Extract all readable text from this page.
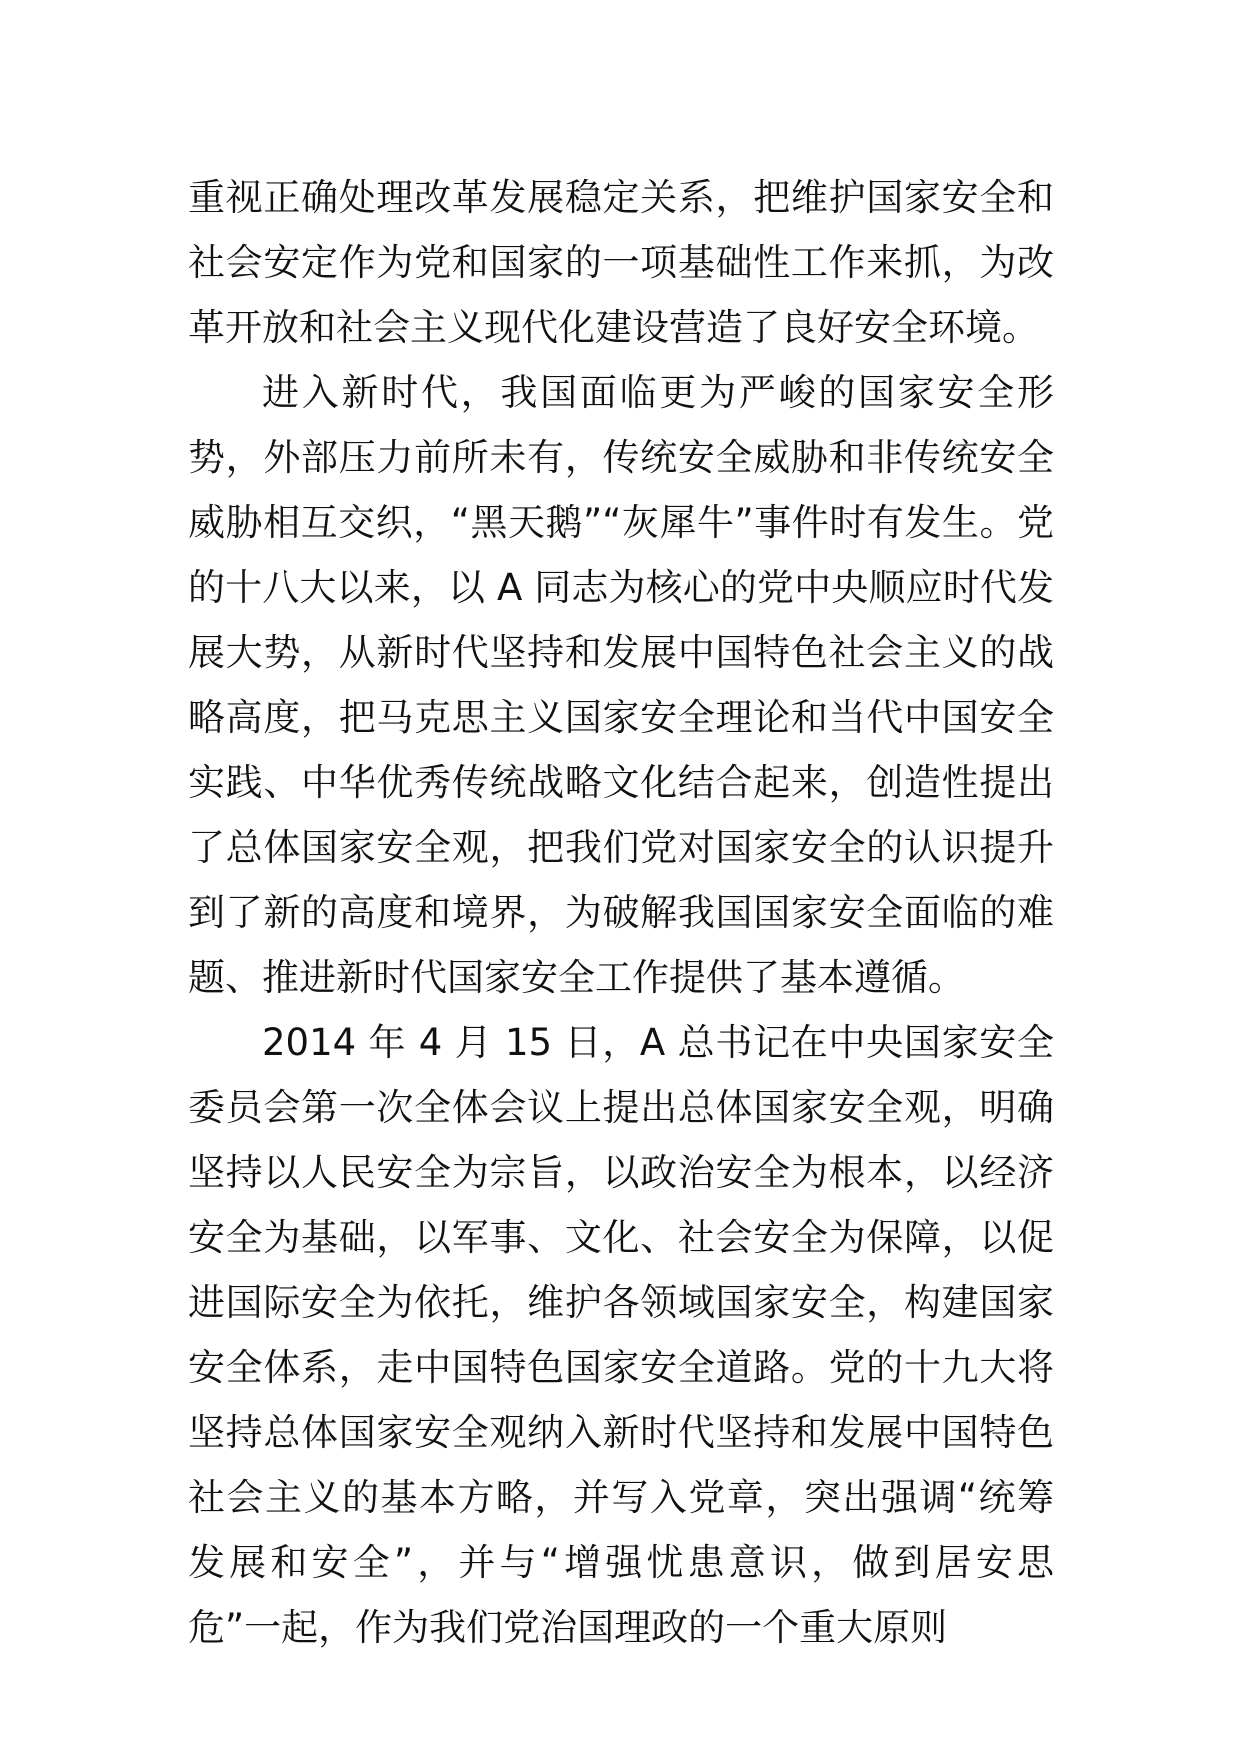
重视正确处理改革发展稳定关系，把维护国家安全和社会安定作为党和国家的一项基础性工作来抓，为改革开放和社会主义现代化建设营造了良好安全环境。

进入新时代，我国面临更为严峻的国家安全形势，外部压力前所未有，传统安全威胁和非传统安全威胁相互交织，“黑天鹅”“灰犀牛”事件时有发生。党的十八大以来，以 A 同志为核心的党中央顺应时代发展大势，从新时代坚持和发展中国特色社会主义的战略高度，把马克思主义国家安全理论和当代中国安全实践、中华优秀传统战略文化结合起来，创造性提出了总体国家安全观，把我们党对国家安全的认识提升到了新的高度和境界，为破解我国国家安全面临的难题、推进新时代国家安全工作提供了基本遵循。

2014 年 4 月 15 日，A 总书记在中央国家安全委员会第一次全体会议上提出总体国家安全观，明确坚持以人民安全为宗旨，以政治安全为根本，以经济安全为基础，以军事、文化、社会安全为保障，以促进国际安全为依托，维护各领域国家安全，构建国家安全体系，走中国特色国家安全道路。党的十九大将坚持总体国家安全观纳入新时代坚持和发展中国特色社会主义的基本方略，并写入党章，突出强调“统筹发展和安全”，并与“增强忧患意识，做到居安思危”一起，作为我们党治国理政的一个重大原则
